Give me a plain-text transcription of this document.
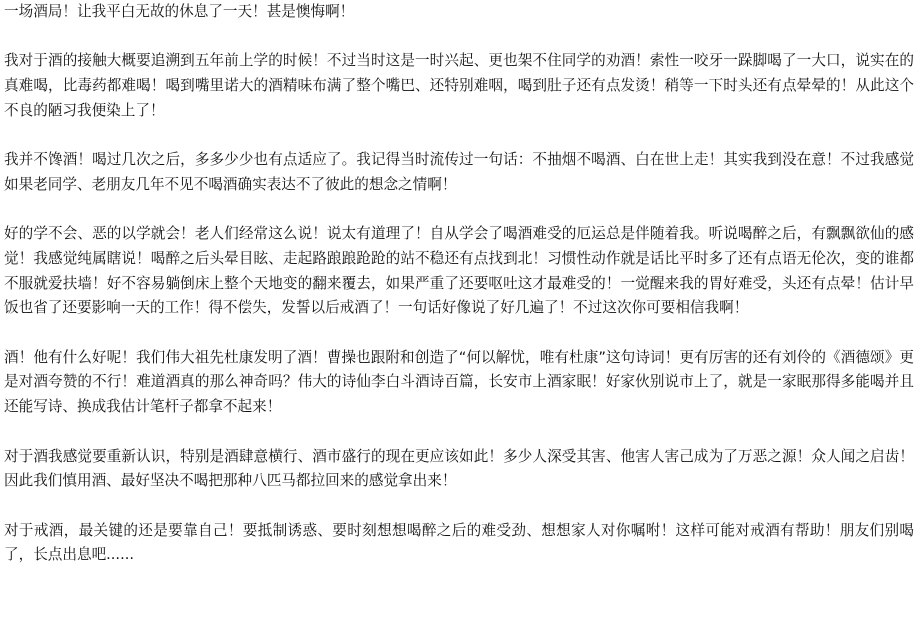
一场酒局！让我平白无故的休息了一天！甚是懊悔啊！

我对于酒的接触大概要追溯到五年前上学的时候！不过当时这是一时兴起、更也架不住同学的劝酒！索性一咬牙一跺脚喝了一大口，说实在的真难喝，比毒药都难喝！喝到嘴里诺大的酒精味布满了整个嘴巴、还特别难咽，喝到肚子还有点发烫！稍等一下时头还有点晕晕的！从此这个不良的陋习我便染上了！

我并不馋酒！喝过几次之后，多多少少也有点适应了。我记得当时流传过一句话：不抽烟不喝酒、白在世上走！其实我到没在意！不过我感觉如果老同学、老朋友几年不见不喝酒确实表达不了彼此的想念之情啊！

好的学不会、恶的以学就会！老人们经常这么说！说太有道理了！自从学会了喝酒难受的厄运总是伴随着我。听说喝醉之后，有飘飘欲仙的感觉！我感觉纯属瞎说！喝醉之后头晕目眩、走起路踉踉跄跄的站不稳还有点找到北！习惯性动作就是话比平时多了还有点语无伦次，变的谁都不服就爱扶墙！好不容易躺倒床上整个天地变的翻来覆去，如果严重了还要呕吐这才最难受的！一觉醒来我的胃好难受，头还有点晕！估计早饭也省了还要影响一天的工作！得不偿失，发誓以后戒酒了！一句话好像说了好几遍了！不过这次你可要相信我啊！

酒！他有什么好呢！我们伟大祖先杜康发明了酒！曹操也跟附和创造了“何以解忧，唯有杜康”这句诗词！更有厉害的还有刘伶的《酒德颂》更是对酒夸赞的不行！难道酒真的那么神奇吗？伟大的诗仙李白斗酒诗百篇，长安市上酒家眠！好家伙别说市上了，就是一家眠那得多能喝并且还能写诗、换成我估计笔杆子都拿不起来！

对于酒我感觉要重新认识，特别是酒肆意横行、酒市盛行的现在更应该如此！多少人深受其害、他害人害己成为了万恶之源！众人闻之启齿！因此我们慎用酒、最好坚决不喝把那种八匹马都拉回来的感觉拿出来！

对于戒酒，最关键的还是要靠自己！要抵制诱惑、要时刻想想喝醉之后的难受劲、想想家人对你嘱咐！这样可能对戒酒有帮助！朋友们别喝了，长点出息吧......
